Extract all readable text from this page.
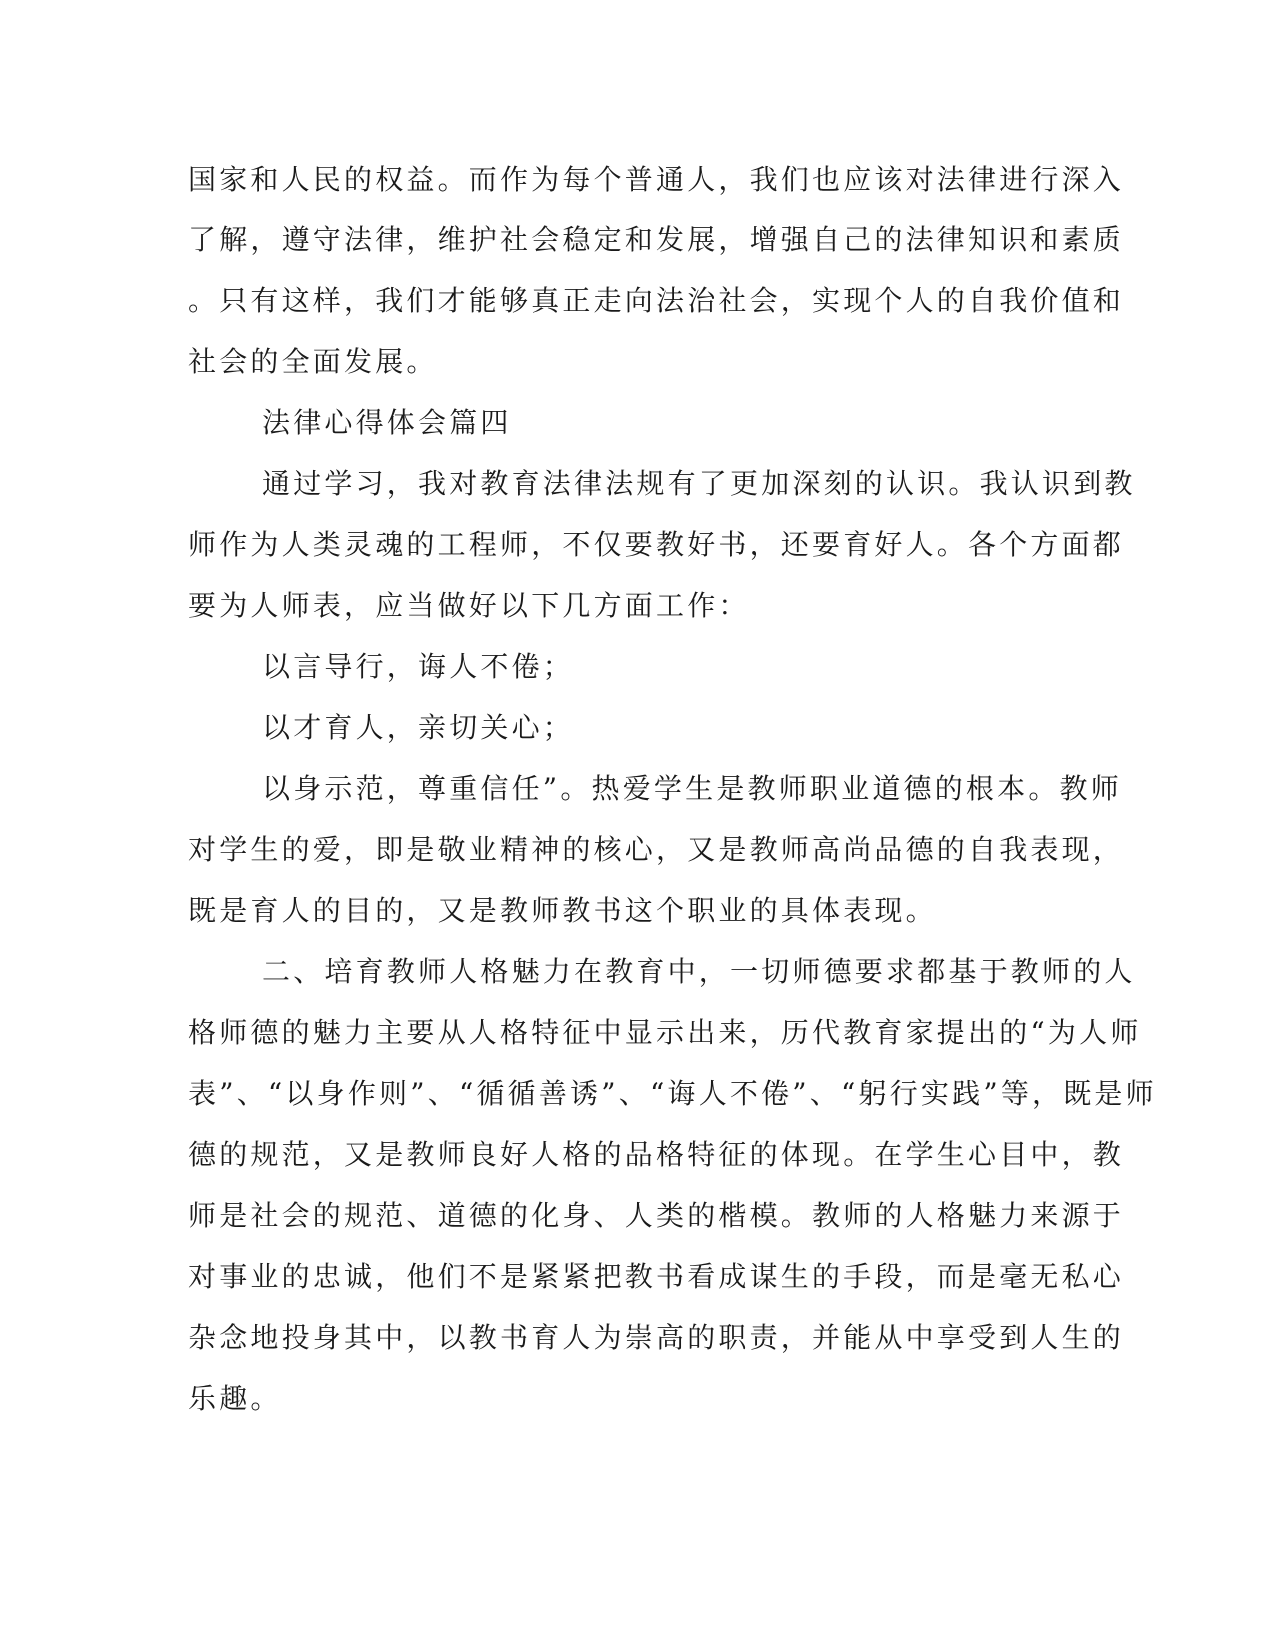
国家和人民的权益。而作为每个普通人，我们也应该对法律进行深入
了解，遵守法律，维护社会稳定和发展，增强自己的法律知识和素质
。只有这样，我们才能够真正走向法治社会，实现个人的自我价值和
社会的全面发展。
法律心得体会篇四
通过学习，我对教育法律法规有了更加深刻的认识。我认识到教
师作为人类灵魂的工程师，不仅要教好书，还要育好人。各个方面都
要为人师表，应当做好以下几方面工作：
以言导行，诲人不倦；
以才育人，亲切关心；
以身示范，尊重信任”。热爱学生是教师职业道德的根本。教师
对学生的爱，即是敬业精神的核心，又是教师高尚品德的自我表现，
既是育人的目的，又是教师教书这个职业的具体表现。
二、培育教师人格魅力在教育中，一切师德要求都基于教师的人
格师德的魅力主要从人格特征中显示出来，历代教育家提出的“为人师
表”、“以身作则”、“循循善诱”、“诲人不倦”、“躬行实践”等，既是师
德的规范，又是教师良好人格的品格特征的体现。在学生心目中，教
师是社会的规范、道德的化身、人类的楷模。教师的人格魅力来源于
对事业的忠诚，他们不是紧紧把教书看成谋生的手段，而是毫无私心
杂念地投身其中，以教书育人为崇高的职责，并能从中享受到人生的
乐趣。
